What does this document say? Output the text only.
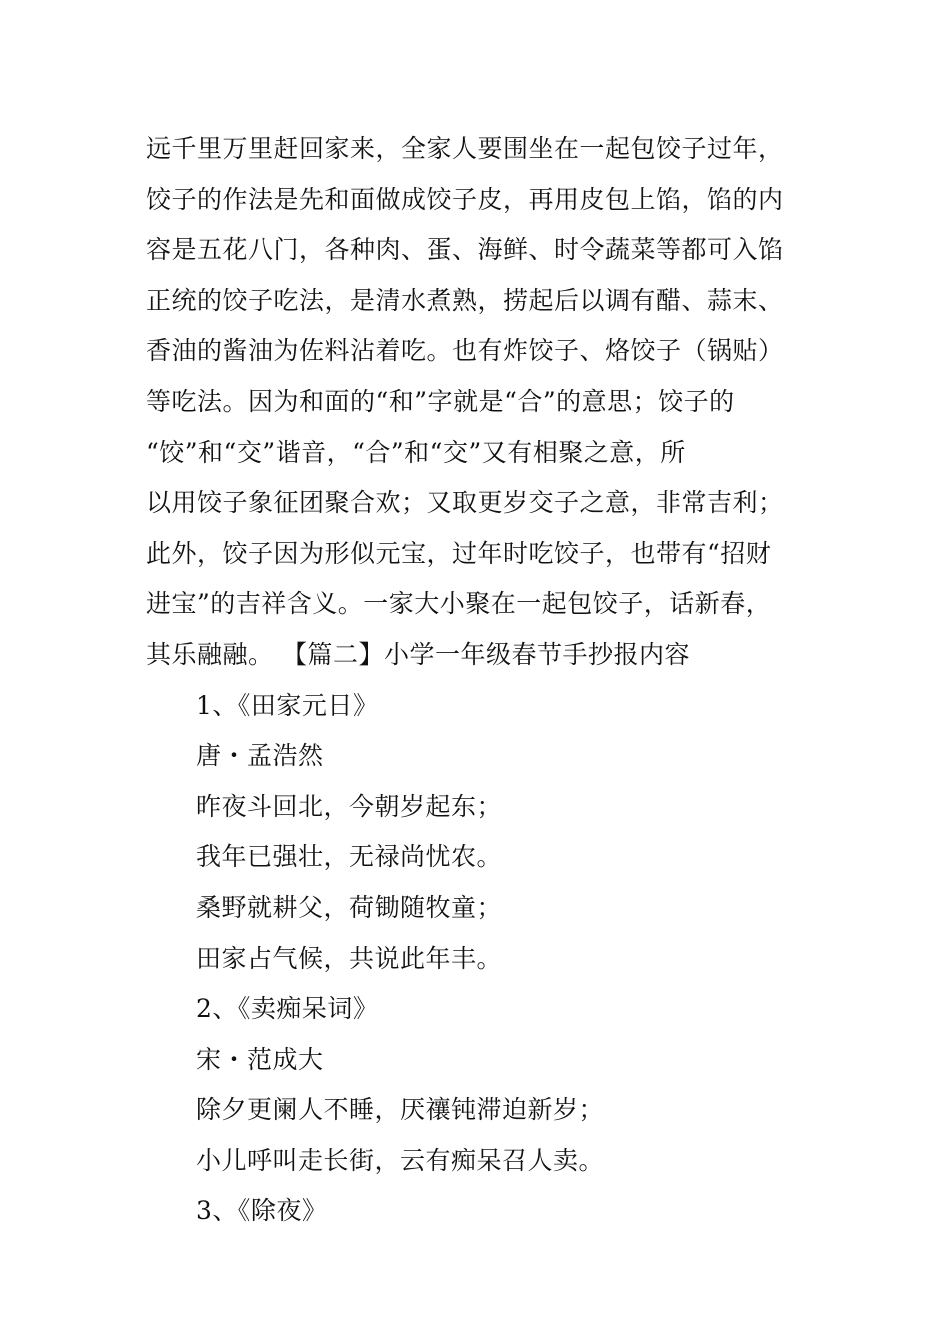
远千里万里赶回家来，全家人要围坐在一起包饺子过年，
饺子的作法是先和面做成饺子皮，再用皮包上馅，馅的内
容是五花八门，各种肉、蛋、海鲜、时令蔬菜等都可入馅
正统的饺子吃法，是清水煮熟，捞起后以调有醋、蒜末、
香油的酱油为佐料沾着吃。也有炸饺子、烙饺子（锅贴）
等吃法。因为和面的“和”字就是“合”的意思；饺子的
“饺”和“交”谐音，“合”和“交”又有相聚之意，所
以用饺子象征团聚合欢；又取更岁交子之意，非常吉利；
此外，饺子因为形似元宝，过年时吃饺子，也带有“招财
进宝”的吉祥含义。一家大小聚在一起包饺子，话新春，
其乐融融。 【篇二】小学一年级春节手抄报内容
1、《田家元日》
唐・孟浩然
昨夜斗回北，今朝岁起东；
我年已强壮，无禄尚忧农。
桑野就耕父，荷锄随牧童；
田家占气候，共说此年丰。
2、《卖痴呆词》
宋・范成大
除夕更阑人不睡，厌禳钝滞迫新岁；
小儿呼叫走长街，云有痴呆召人卖。
3、《除夜》
